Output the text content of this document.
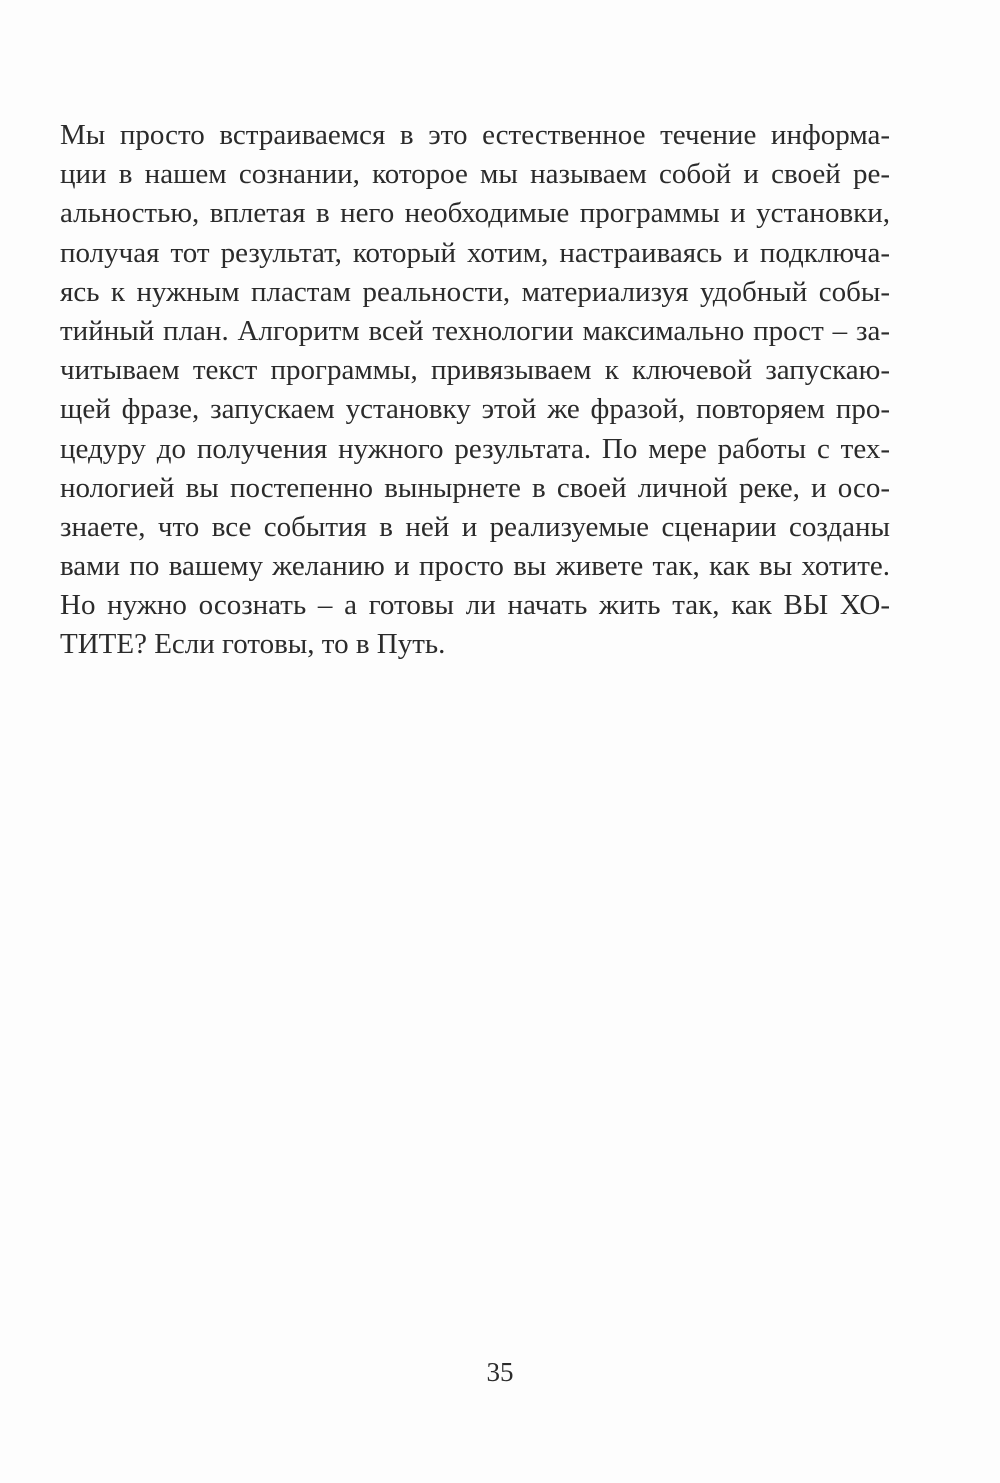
Мы просто встраиваемся в это естественное течение информа-
ции в нашем сознании, которое мы называем собой и своей ре-
альностью, вплетая в него необходимые программы и установки,
получая тот результат, который хотим, настраиваясь и подключа-
ясь к нужным пластам реальности, материализуя удобный собы-
тийный план. Алгоритм всей технологии максимально прост – за-
читываем текст программы, привязываем к ключевой запускаю-
щей фразе, запускаем установку этой же фразой, повторяем про-
цедуру до получения нужного результата. По мере работы с тех-
нологией вы постепенно вынырнете в своей личной реке, и осо-
знаете, что все события в ней и реализуемые сценарии созданы
вами по вашему желанию и просто вы живете так, как вы хотите.
Но нужно осознать – а готовы ли начать жить так, как ВЫ ХО-
ТИТЕ? Если готовы, то в Путь.
35
